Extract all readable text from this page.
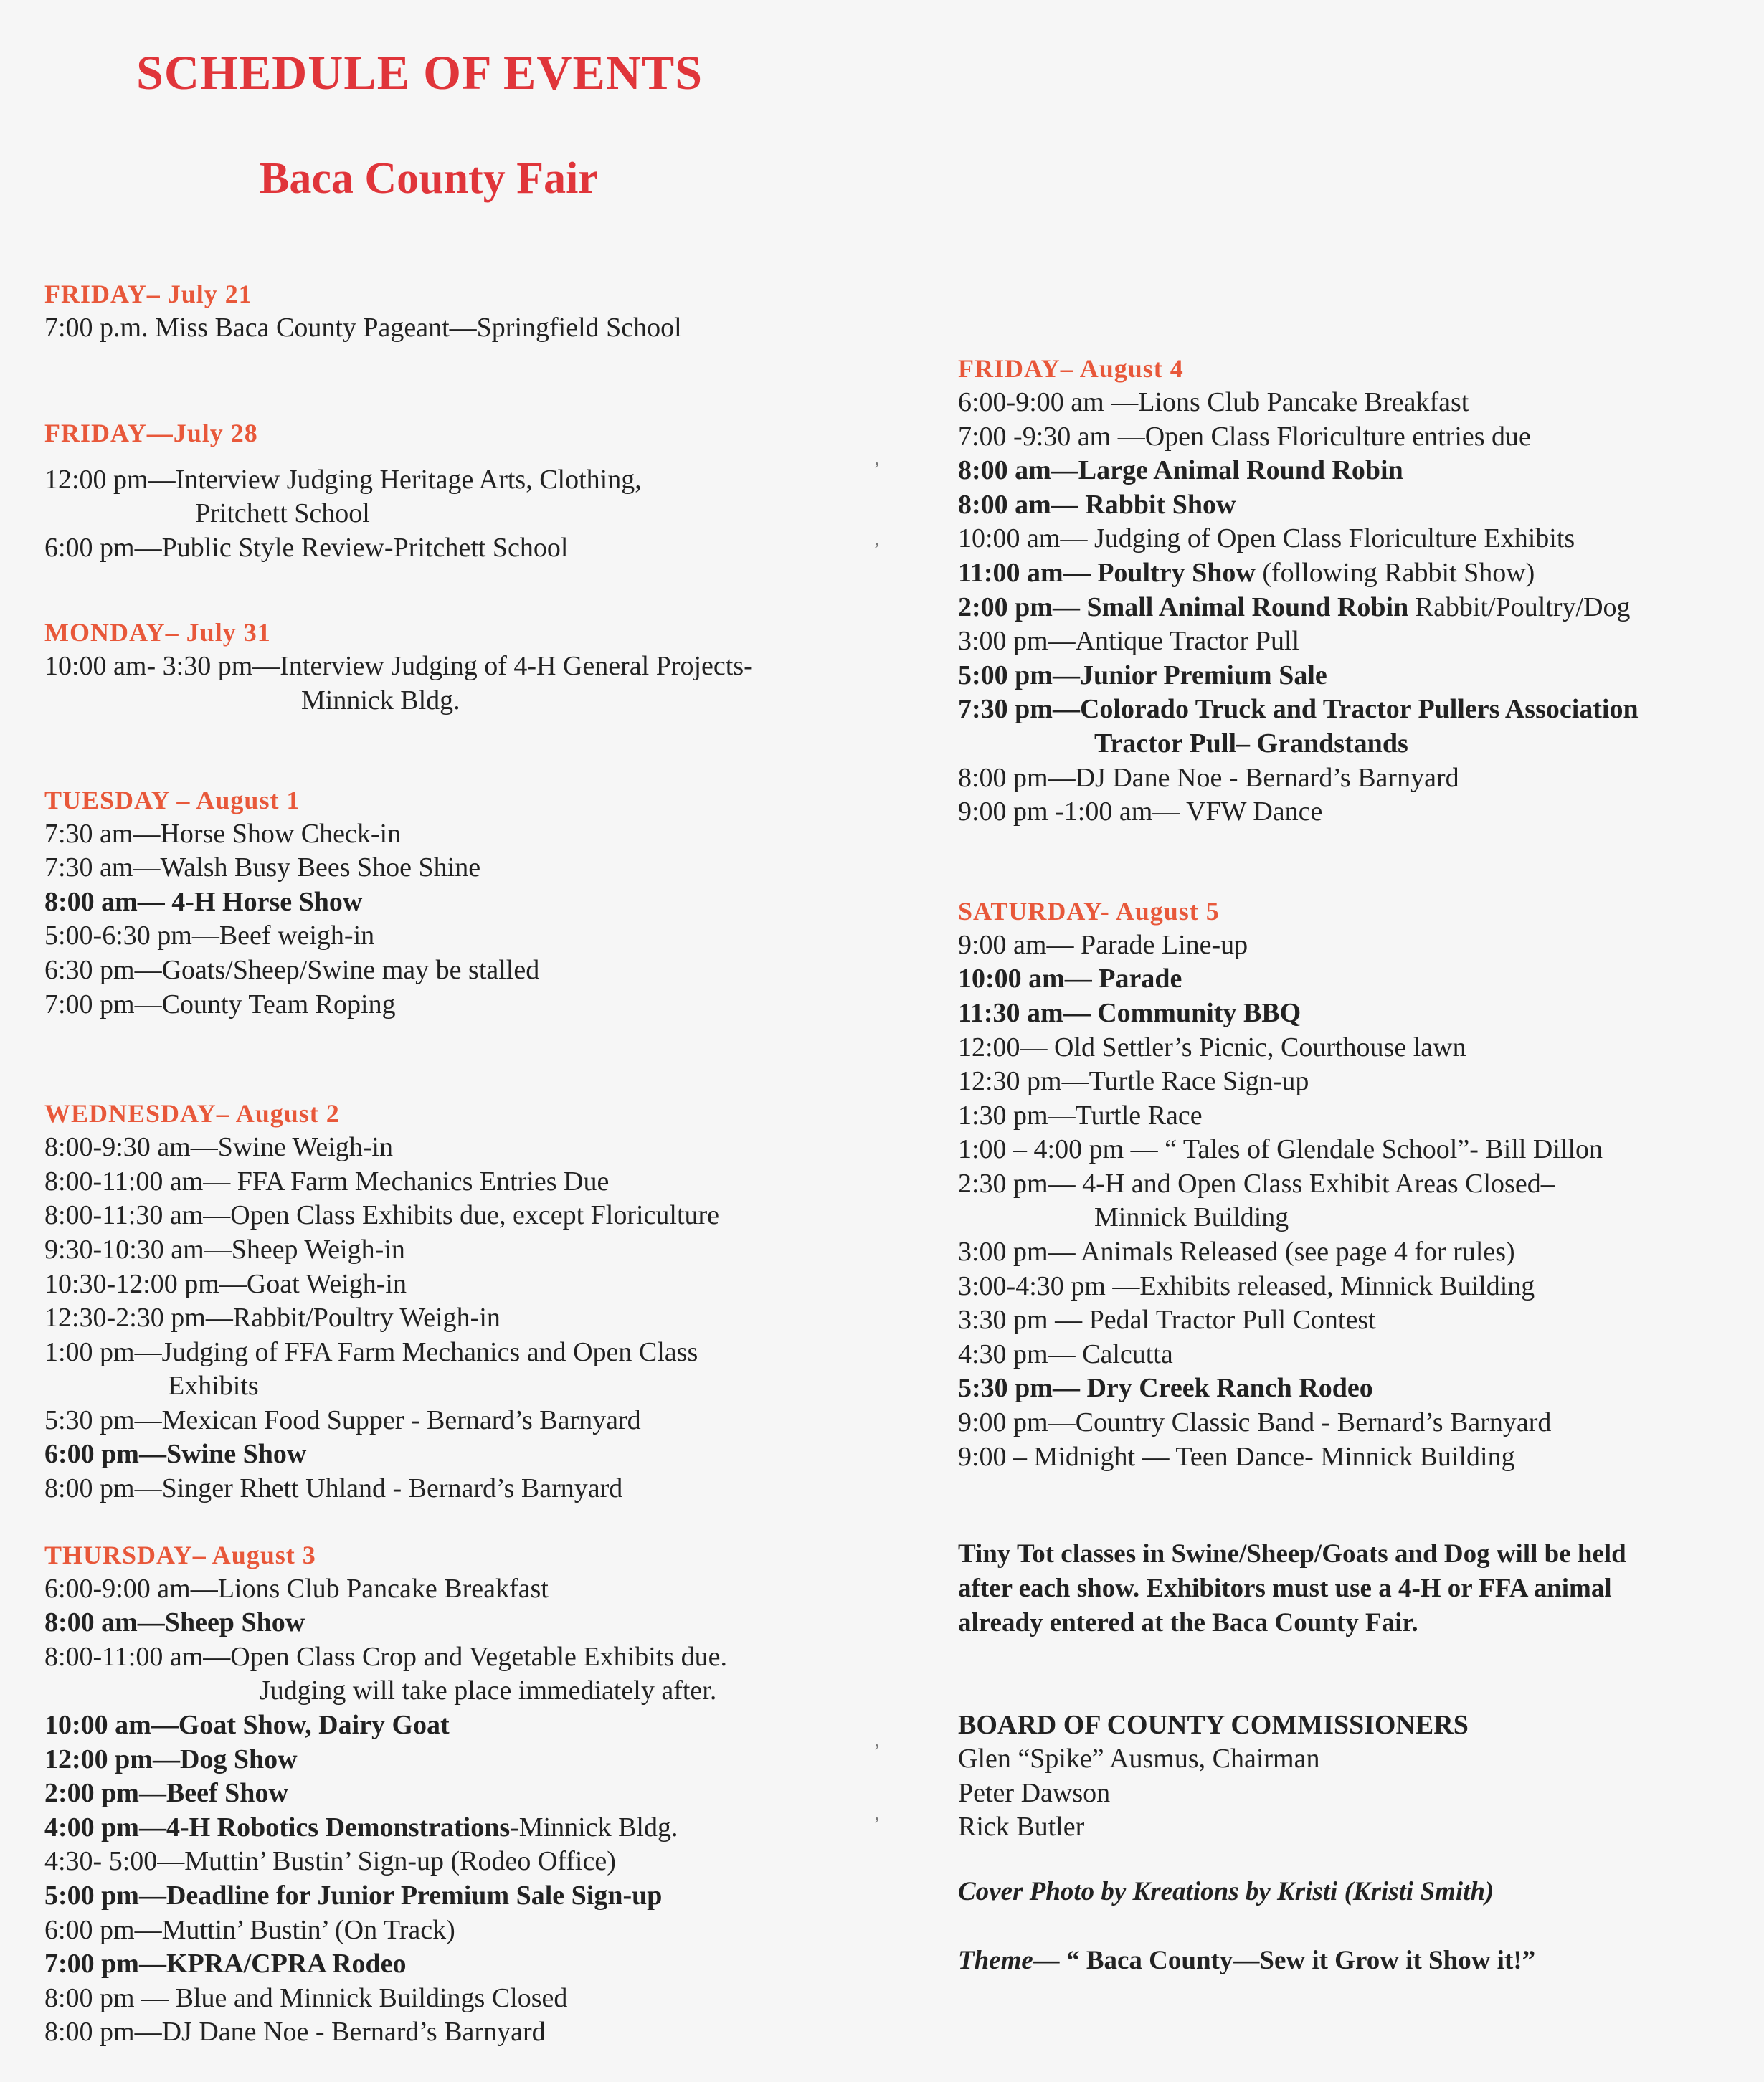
SCHEDULE OF EVENTS
Baca County Fair
FRIDAY– July 21
7:00 p.m. Miss Baca County Pageant—Springfield School
FRIDAY—July 28
12:00 pm—Interview Judging Heritage Arts, Clothing,
Pritchett School
6:00 pm—Public Style Review-Pritchett School
MONDAY– July 31
10:00 am- 3:30 pm—Interview Judging of 4-H General Projects-
Minnick Bldg.
TUESDAY – August 1
7:30 am—Horse Show Check-in
7:30 am—Walsh Busy Bees Shoe Shine
8:00 am— 4-H Horse Show
5:00-6:30 pm—Beef weigh-in
6:30 pm—Goats/Sheep/Swine may be stalled
7:00 pm—County Team Roping
WEDNESDAY– August 2
8:00-9:30 am—Swine Weigh-in
8:00-11:00 am— FFA Farm Mechanics Entries Due
8:00-11:30 am—Open Class Exhibits due, except Floriculture
9:30-10:30 am—Sheep Weigh-in
10:30-12:00 pm—Goat Weigh-in
12:30-2:30 pm—Rabbit/Poultry Weigh-in
1:00 pm—Judging of FFA Farm Mechanics and Open Class
Exhibits
5:30 pm—Mexican Food Supper - Bernard’s Barnyard
6:00 pm—Swine Show
8:00 pm—Singer Rhett Uhland - Bernard’s Barnyard
THURSDAY– August 3
6:00-9:00 am—Lions Club Pancake Breakfast
8:00 am—Sheep Show
8:00-11:00 am—Open Class Crop and Vegetable Exhibits due.
Judging will take place immediately after.
10:00 am—Goat Show, Dairy Goat
12:00 pm—Dog Show
2:00 pm—Beef Show
4:00 pm—4-H Robotics Demonstrations-Minnick Bldg.
4:30- 5:00—Muttin’ Bustin’ Sign-up (Rodeo Office)
5:00 pm—Deadline for Junior Premium Sale Sign-up
6:00 pm—Muttin’ Bustin’ (On Track)
7:00 pm—KPRA/CPRA Rodeo
8:00 pm — Blue and Minnick Buildings Closed
8:00 pm—DJ Dane Noe - Bernard’s Barnyard
FRIDAY– August 4
6:00-9:00 am —Lions Club Pancake Breakfast
7:00 -9:30 am —Open Class Floriculture entries due
8:00 am—Large Animal Round Robin
8:00 am— Rabbit Show
10:00 am— Judging of Open Class Floriculture Exhibits
11:00 am— Poultry Show (following Rabbit Show)
2:00 pm— Small Animal Round Robin Rabbit/Poultry/Dog
3:00 pm—Antique Tractor Pull
5:00 pm—Junior Premium Sale
7:30 pm—Colorado Truck and Tractor Pullers Association
Tractor Pull– Grandstands
8:00 pm—DJ Dane Noe - Bernard’s Barnyard
9:00 pm -1:00 am— VFW Dance
SATURDAY- August 5
9:00 am— Parade Line-up
10:00 am— Parade
11:30 am— Community BBQ
12:00— Old Settler’s Picnic, Courthouse lawn
12:30 pm—Turtle Race Sign-up
1:30 pm—Turtle Race
1:00 – 4:00 pm — “ Tales of Glendale School”- Bill Dillon
2:30 pm— 4-H and Open Class Exhibit Areas Closed–
Minnick Building
3:00 pm— Animals Released (see page 4 for rules)
3:00-4:30 pm —Exhibits released, Minnick Building
3:30 pm — Pedal Tractor Pull Contest
4:30 pm— Calcutta
5:30 pm— Dry Creek Ranch Rodeo
9:00 pm—Country Classic Band - Bernard’s Barnyard
9:00 – Midnight — Teen Dance- Minnick Building
Tiny Tot classes in Swine/Sheep/Goats and Dog will be held
after each show. Exhibitors must use a 4-H or FFA animal
already entered at the Baca County Fair.
BOARD OF COUNTY COMMISSIONERS
Glen “Spike” Ausmus, Chairman
Peter Dawson
Rick Butler
Cover Photo by Kreations by Kristi (Kristi Smith)
Theme— “ Baca County—Sew it Grow it Show it!”
ʼ
ʼ
ʼ
ʼ
